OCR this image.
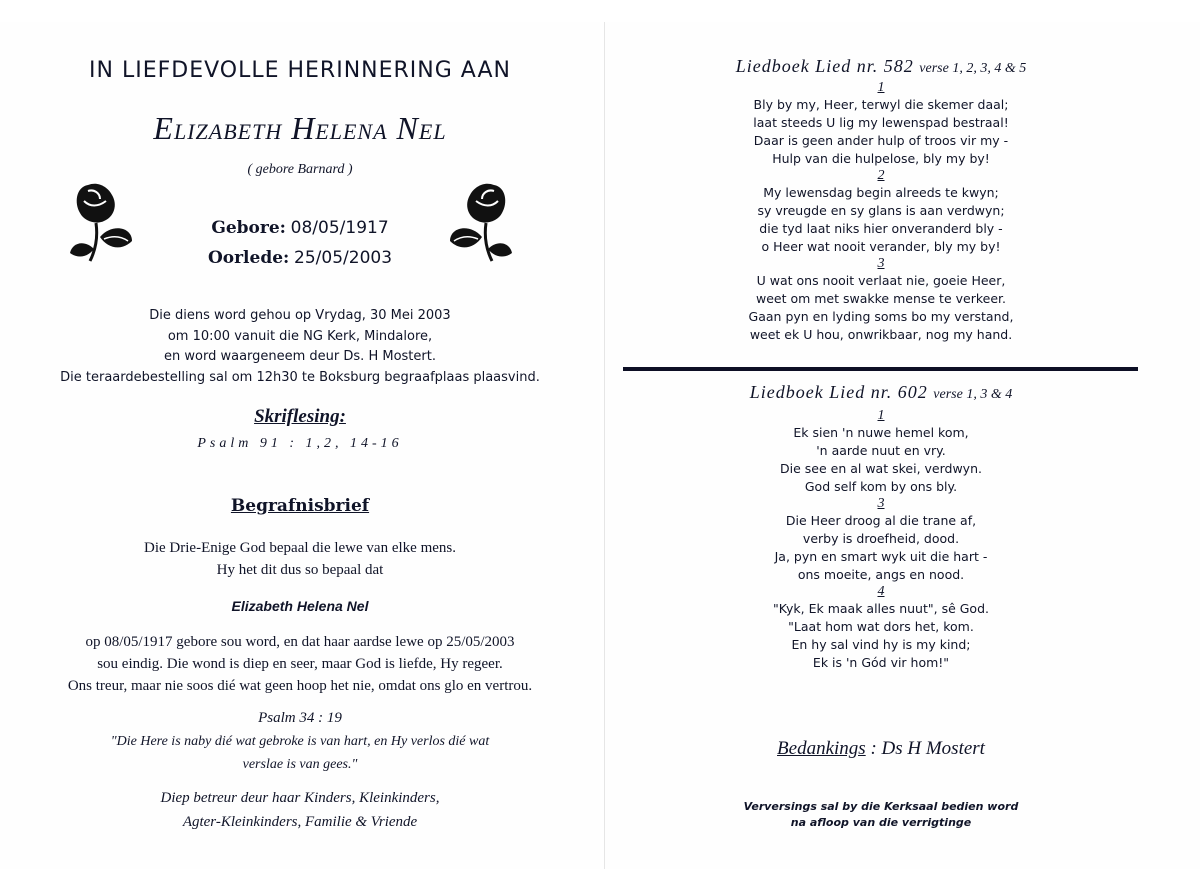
IN LIEFDEVOLLE HERINNERING AAN
Elizabeth Helena Nel
( gebore Barnard )
Gebore: 08/05/1917
Oorlede: 25/05/2003
Die diens word gehou op Vrydag, 30 Mei 2003
om 10:00 vanuit die NG Kerk, Mindalore,
en word waargeneem deur Ds. H Mostert.
Die teraardebestelling sal om 12h30 te Boksburg begraafplaas plaasvind.
Skriflesing:
Psalm 91 : 1,2, 14-16
Begrafnisbrief
Die Drie-Enige God bepaal die lewe van elke mens.
Hy het dit dus so bepaal dat
Elizabeth Helena Nel
op 08/05/1917 gebore sou word, en dat haar aardse lewe op 25/05/2003
sou eindig. Die wond is diep en seer, maar God is liefde, Hy regeer.
Ons treur, maar nie soos dié wat geen hoop het nie, omdat ons glo en vertrou.
Psalm 34 : 19
"Die Here is naby dié wat gebroke is van hart, en Hy verlos dié wat
verslae is van gees."
Diep betreur deur haar Kinders, Kleinkinders,
Agter-Kleinkinders, Familie & Vriende
Liedboek Lied nr. 582 verse 1, 2, 3, 4 & 5
1
Bly by my, Heer, terwyl die skemer daal;
laat steeds U lig my lewenspad bestraal!
Daar is geen ander hulp of troos vir my -
Hulp van die hulpelose, bly my by!
2
My lewensdag begin alreeds te kwyn;
sy vreugde en sy glans is aan verdwyn;
die tyd laat niks hier onveranderd bly -
o Heer wat nooit verander, bly my by!
3
U wat ons nooit verlaat nie, goeie Heer,
weet om met swakke mense te verkeer.
Gaan pyn en lyding soms bo my verstand,
weet ek U hou, onwrikbaar, nog my hand.
Liedboek Lied nr. 602 verse 1, 3 & 4
1
Ek sien 'n nuwe hemel kom,
'n aarde nuut en vry.
Die see en al wat skei, verdwyn.
God self kom by ons bly.
3
Die Heer droog al die trane af,
verby is droefheid, dood.
Ja, pyn en smart wyk uit die hart -
ons moeite, angs en nood.
4
"Kyk, Ek maak alles nuut", sê God.
"Laat hom wat dors het, kom.
En hy sal vind hy is my kind;
Ek is 'n Gód vir hom!"
Bedankings : Ds H Mostert
Verversings sal by die Kerksaal bedien word
na afloop van die verrigtinge
